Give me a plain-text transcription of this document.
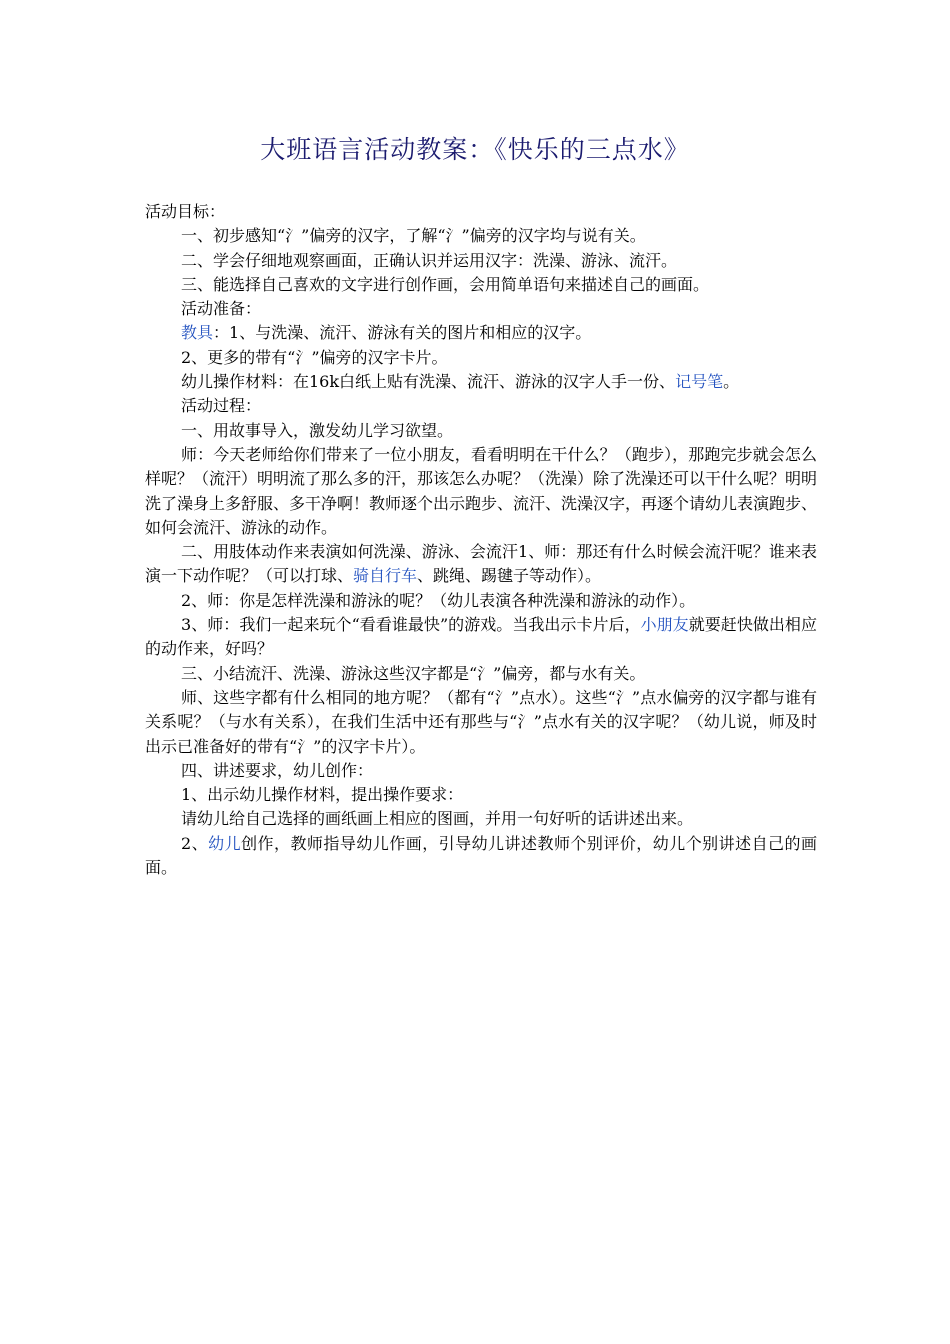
大班语言活动教案：《快乐的三点水》

活动目标：

一、初步感知“氵”偏旁的汉字，了解“氵”偏旁的汉字均与说有关。

二、学会仔细地观察画面，正确认识并运用汉字：洗澡、游泳、流汗。

三、能选择自己喜欢的文字进行创作画，会用简单语句来描述自己的画面。

活动准备：

教具：1、与洗澡、流汗、游泳有关的图片和相应的汉字。

2、更多的带有“氵”偏旁的汉字卡片。

幼儿操作材料：在16k白纸上贴有洗澡、流汗、游泳的汉字人手一份、记号笔。

活动过程：

一、用故事导入，激发幼儿学习欲望。

师：今天老师给你们带来了一位小朋友，看看明明在干什么？（跑步），那跑完步就会怎么样呢？（流汗）明明流了那么多的汗，那该怎么办呢？（洗澡）除了洗澡还可以干什么呢？明明洗了澡身上多舒服、多干净啊！教师逐个出示跑步、流汗、洗澡汉字，再逐个请幼儿表演跑步、如何会流汗、游泳的动作。

二、用肢体动作来表演如何洗澡、游泳、会流汗1、师：那还有什么时候会流汗呢？谁来表演一下动作呢？（可以打球、骑自行车、跳绳、踢毽子等动作）。

2、师：你是怎样洗澡和游泳的呢？（幼儿表演各种洗澡和游泳的动作）。

3、师：我们一起来玩个“看看谁最快”的游戏。当我出示卡片后，小朋友就要赶快做出相应的动作来，好吗？

三、小结流汗、洗澡、游泳这些汉字都是“氵”偏旁，都与水有关。

师、这些字都有什么相同的地方呢？（都有“氵”点水）。这些“氵”点水偏旁的汉字都与谁有关系呢？（与水有关系），在我们生活中还有那些与“氵”点水有关的汉字呢？（幼儿说，师及时出示已准备好的带有“氵”的汉字卡片）。

四、讲述要求，幼儿创作：

1、出示幼儿操作材料，提出操作要求：

请幼儿给自己选择的画纸画上相应的图画，并用一句好听的话讲述出来。

2、幼儿创作，教师指导幼儿作画，引导幼儿讲述教师个别评价，幼儿个别讲述自己的画面。
